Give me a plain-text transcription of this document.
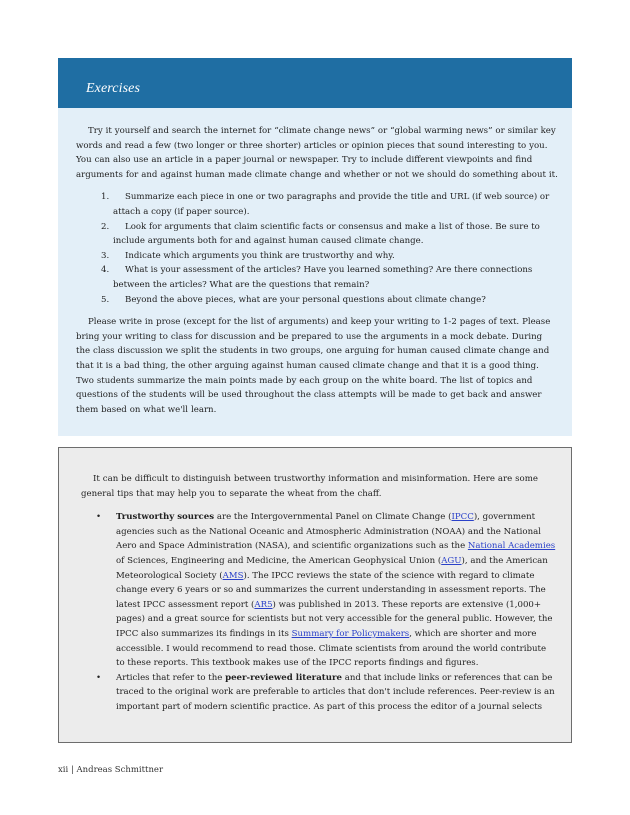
Exercises

Try it yourself and search the internet for “climate change news” or “global warming news” or similar key words and read a few (two longer or three shorter) articles or opinion pieces that sound interesting to you. You can also use an article in a paper journal or newspaper. Try to include different viewpoints and find arguments for and against human made climate change and whether or not we should do something about it.

1. Summarize each piece in one or two paragraphs and provide the title and URL (if web source) or attach a copy (if paper source).
2. Look for arguments that claim scientific facts or consensus and make a list of those. Be sure to include arguments both for and against human caused climate change.
3. Indicate which arguments you think are trustworthy and why.
4. What is your assessment of the articles? Have you learned something? Are there connections between the articles? What are the questions that remain?
5. Beyond the above pieces, what are your personal questions about climate change?

Please write in prose (except for the list of arguments) and keep your writing to 1-2 pages of text. Please bring your writing to class for discussion and be prepared to use the arguments in a mock debate. During the class discussion we split the students in two groups, one arguing for human caused climate change and that it is a bad thing, the other arguing against human caused climate change and that it is a good thing. Two students summarize the main points made by each group on the white board. The list of topics and questions of the students will be used throughout the class attempts will be made to get back and answer them based on what we'll learn.

It can be difficult to distinguish between trustworthy information and misinformation. Here are some general tips that may help you to separate the wheat from the chaff.

• Trustworthy sources are the Intergovernmental Panel on Climate Change (IPCC), government agencies such as the National Oceanic and Atmospheric Administration (NOAA) and the National Aero and Space Administration (NASA), and scientific organizations such as the National Academies of Sciences, Engineering and Medicine, the American Geophysical Union (AGU), and the American Meteorological Society (AMS). The IPCC reviews the state of the science with regard to climate change every 6 years or so and summarizes the current understanding in assessment reports. The latest IPCC assessment report (AR5) was published in 2013. These reports are extensive (1,000+ pages) and a great source for scientists but not very accessible for the general public. However, the IPCC also summarizes its findings in its Summary for Policymakers, which are shorter and more accessible. I would recommend to read those. Climate scientists from around the world contribute to these reports. This textbook makes use of the IPCC reports findings and figures.
• Articles that refer to the peer-reviewed literature and that include links or references that can be traced to the original work are preferable to articles that don't include references. Peer-review is an important part of modern scientific practice. As part of this process the editor of a journal selects
xii | Andreas Schmittner
